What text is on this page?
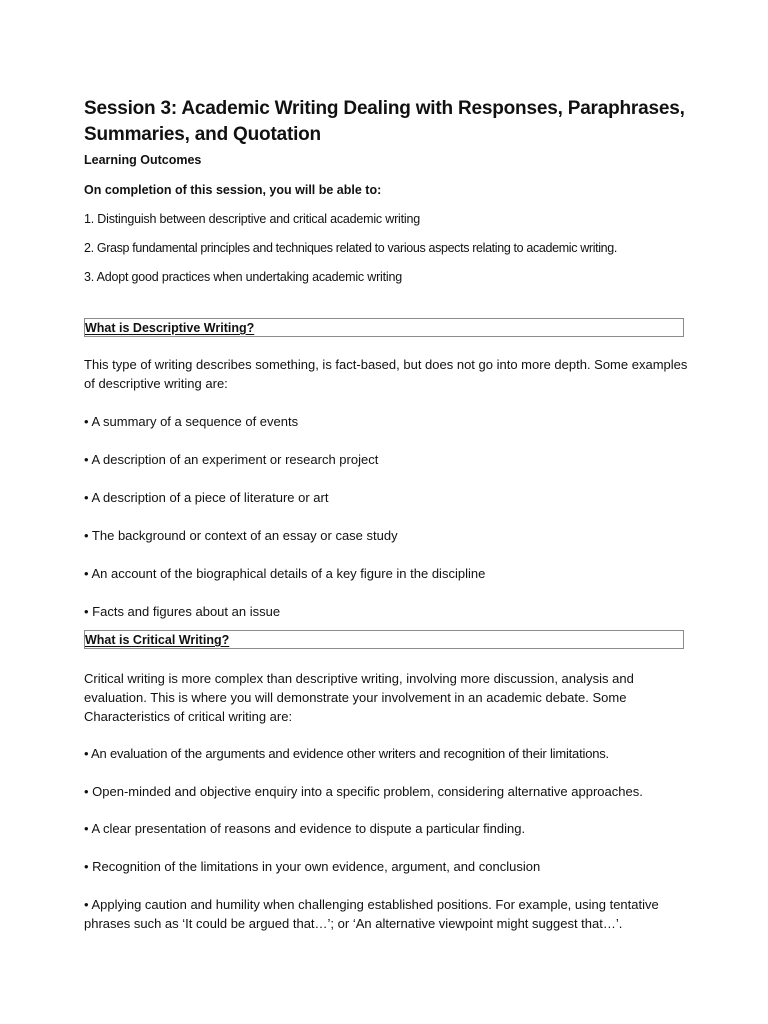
Session 3: Academic Writing Dealing with Responses, Paraphrases,
Summaries, and Quotation
Learning Outcomes
On completion of this session, you will be able to:
1. Distinguish between descriptive and critical academic writing
2. Grasp fundamental principles and techniques related to various aspects relating to academic writing.
3. Adopt good practices when undertaking academic writing
What is Descriptive Writing?

This type of writing describes something, is fact-based, but does not go into more depth. Some examples of descriptive writing are:

• A summary of a sequence of events

• A description of an experiment or research project

• A description of a piece of literature or art

• The background or context of an essay or case study

• An account of the biographical details of a key figure in the discipline

• Facts and figures about an issue

What is Critical Writing?

Critical writing is more complex than descriptive writing, involving more discussion, analysis and evaluation. This is where you will demonstrate your involvement in an academic debate. Some Characteristics of critical writing are:

• An evaluation of the arguments and evidence other writers and recognition of their limitations.

• Open-minded and objective enquiry into a specific problem, considering alternative approaches.

• A clear presentation of reasons and evidence to dispute a particular finding.

• Recognition of the limitations in your own evidence, argument, and conclusion

• Applying caution and humility when challenging established positions. For example, using tentative phrases such as ‘It could be argued that…’; or ‘An alternative viewpoint might suggest that…’.
